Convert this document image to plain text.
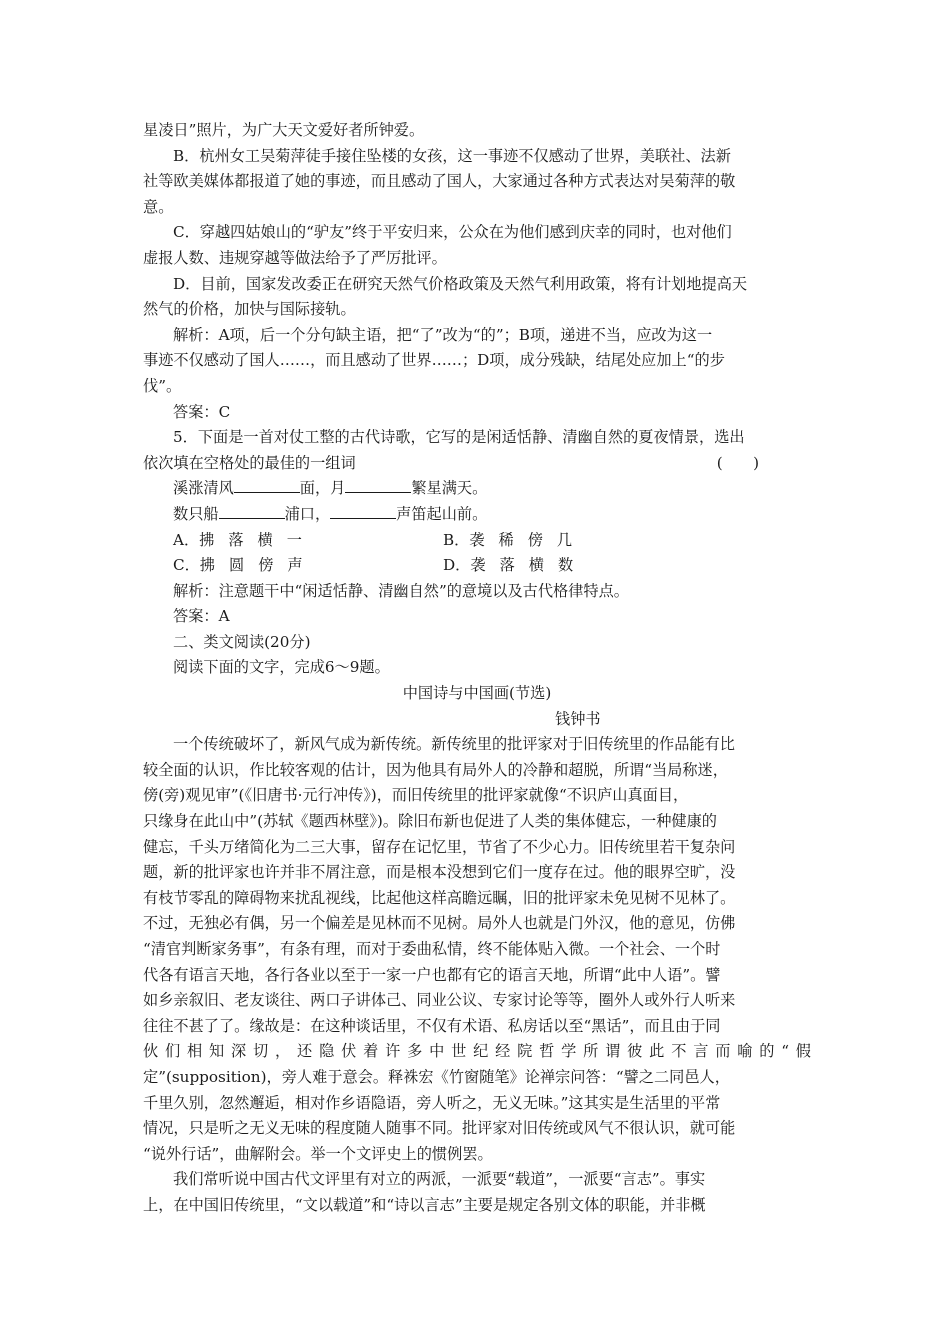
星凌日”照片，为广大天文爱好者所钟爱。
B．杭州女工吴菊萍徒手接住坠楼的女孩，这一事迹不仅感动了世界，美联社、法新
社等欧美媒体都报道了她的事迹，而且感动了国人，大家通过各种方式表达对吴菊萍的敬
意。
C．穿越四姑娘山的“驴友”终于平安归来，公众在为他们感到庆幸的同时，也对他们
虚报人数、违规穿越等做法给予了严厉批评。
D．目前，国家发改委正在研究天然气价格政策及天然气利用政策，将有计划地提高天
然气的价格，加快与国际接轨。
解析：A项，后一个分句缺主语，把“了”改为“的”；B项，递进不当，应改为这一
事迹不仅感动了国人……，而且感动了世界……；D项，成分残缺，结尾处应加上“的步
伐”。
答案：C
5．下面是一首对仗工整的古代诗歌，它写的是闲适恬静、清幽自然的夏夜情景，选出
依次填在空格处的最佳的一组词	(　　)
溪涨清风	面，月	繁星满天。
数只船	浦口，	声笛起山前。
A．拂 落 横 一	B．袭 稀 傍 几
C．拂 圆 傍 声	D．袭 落 横 数
解析：注意题干中“闲适恬静、清幽自然”的意境以及古代格律特点。
答案：A
二、类文阅读(20分)
阅读下面的文字，完成6～9题。
中国诗与中国画(节选)
钱钟书
一个传统破坏了，新风气成为新传统。新传统里的批评家对于旧传统里的作品能有比
较全面的认识，作比较客观的估计，因为他具有局外人的冷静和超脱，所谓“当局称迷，
傍(旁)观见审”(《旧唐书·元行冲传》)，而旧传统里的批评家就像“不识庐山真面目，
只缘身在此山中”(苏轼《题西林壁》)。除旧布新也促进了人类的集体健忘，一种健康的
健忘，千头万绪简化为二三大事，留存在记忆里，节省了不少心力。旧传统里若干复杂问
题，新的批评家也许并非不屑注意，而是根本没想到它们一度存在过。他的眼界空旷，没
有枝节零乱的障碍物来扰乱视线，比起他这样高瞻远瞩，旧的批评家未免见树不见林了。
不过，无独必有偶，另一个偏差是见林而不见树。局外人也就是门外汉，他的意见，仿佛
“清官判断家务事”，有条有理，而对于委曲私情，终不能体贴入微。一个社会、一个时
代各有语言天地，各行各业以至于一家一户也都有它的语言天地，所谓“此中人语”。譬
如乡亲叙旧、老友谈往、两口子讲体己、同业公议、专家讨论等等，圈外人或外行人听来
往往不甚了了。缘故是：在这种谈话里，不仅有术语、私房话以至“黑话”，而且由于同
伙们相知深切，还隐伏着许多中世纪经院哲学所谓彼此不言而喻的“假
定”(supposition)，旁人难于意会。释袾宏《竹窗随笔》论禅宗问答：“譬之二同邑人，
千里久别，忽然邂逅，相对作乡语隐语，旁人听之，无义无味。”这其实是生活里的平常
情况，只是听之无义无味的程度随人随事不同。批评家对旧传统或风气不很认识，就可能
“说外行话”，曲解附会。举一个文评史上的惯例罢。
我们常听说中国古代文评里有对立的两派，一派要“载道”，一派要“言志”。事实
上，在中国旧传统里，“文以载道”和“诗以言志”主要是规定各别文体的职能，并非概
